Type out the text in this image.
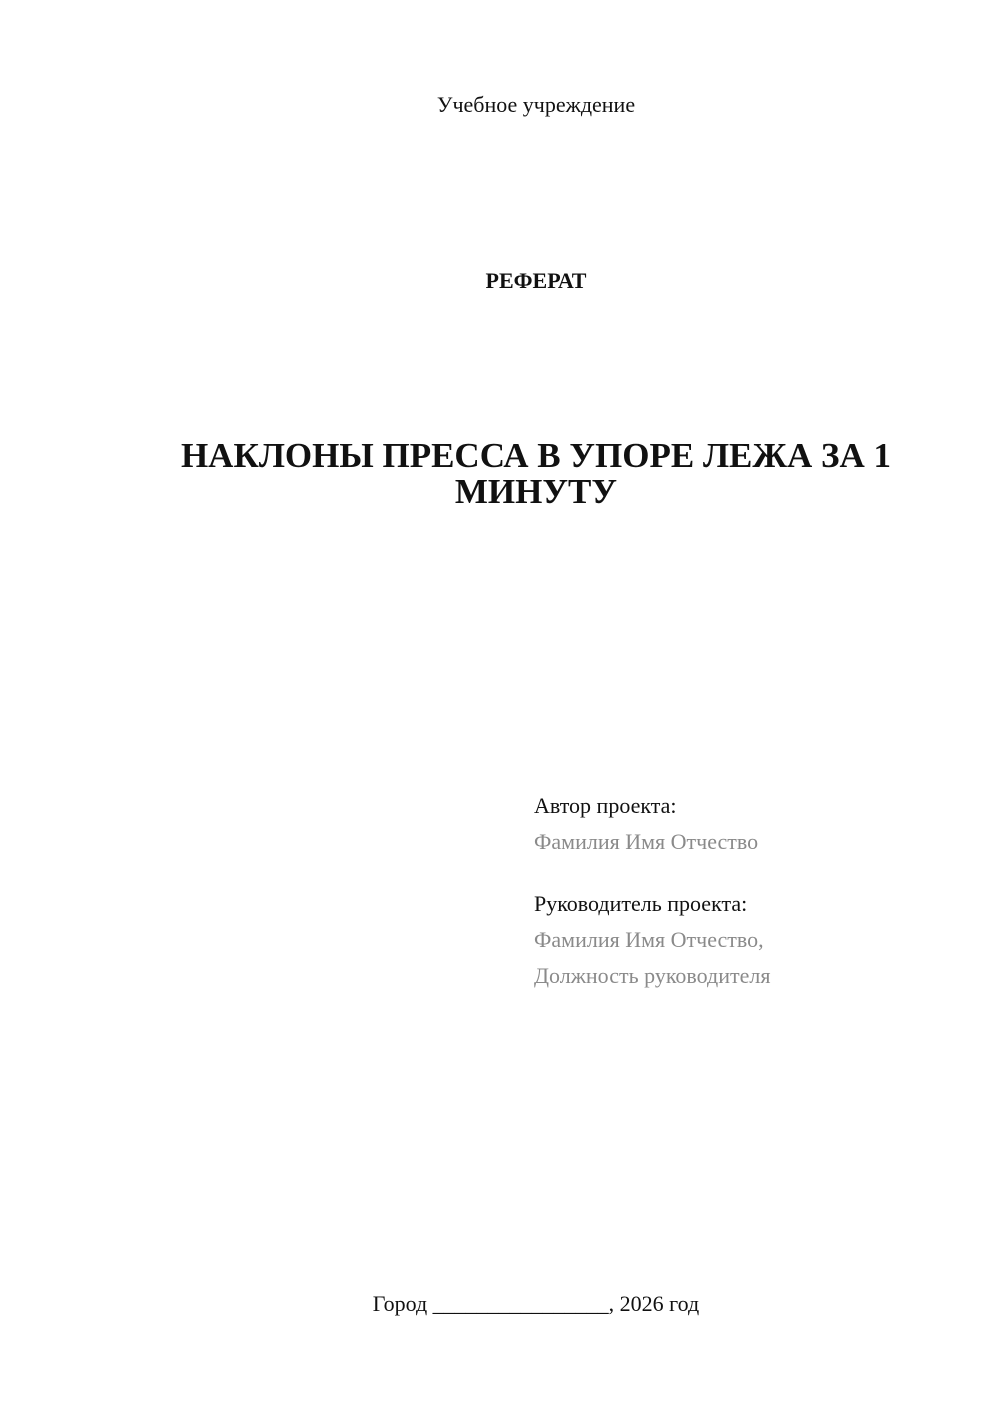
Учебное учреждение
РЕФЕРАТ
НАКЛОНЫ ПРЕССА В УПОРЕ ЛЕЖА ЗА 1
МИНУТУ
Автор проекта:
Фамилия Имя Отчество
Руководитель проекта:
Фамилия Имя Отчество,
Должность руководителя
Город ________________, 2026 год
